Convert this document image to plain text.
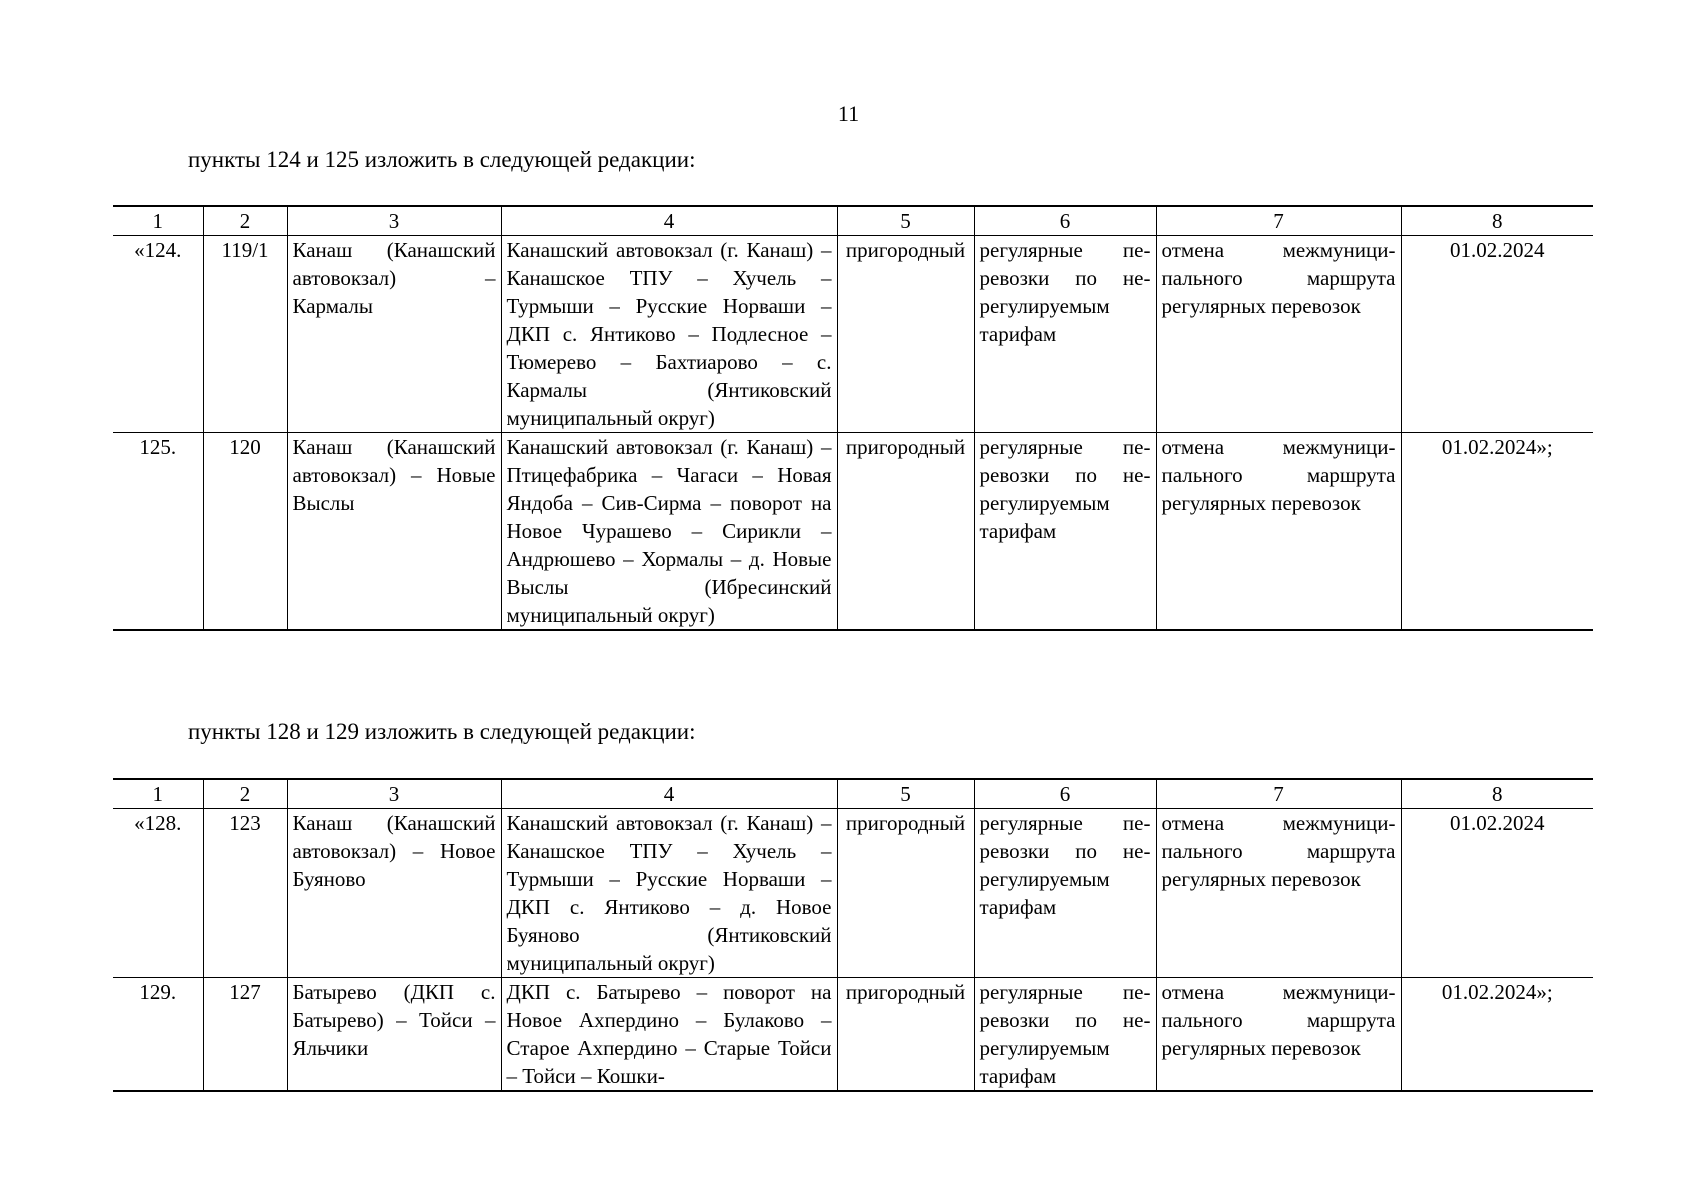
11
пункты 124 и 125 изложить в следующей редакции:
1	2	3	4	5	6	7	8
«124.	119/1	Канаш (Канашский автовокзал) – Кармалы	Канашский автовокзал (г. Канаш) – Канашское ТПУ – Хучель – Турмыши – Русские Норваши – ДКП с. Янтиково – Подлесное – Тюмерево – Бахтиарово – с. Кармалы (Янтиковский муниципальный округ)	пригородный	регулярные перевозки по нерегулируемым тарифам	отмена межмуниципального маршрута регулярных перевозок	01.02.2024
125.	120	Канаш (Канашский автовокзал) – Новые Выслы	Канашский автовокзал (г. Канаш) – Птицефабрика – Чагаси – Новая Яндоба – Сив-Сирма – поворот на Новое Чурашево – Сирикли – Андрюшево – Хормалы – д. Новые Выслы (Ибресинский муниципальный округ)	пригородный	регулярные перевозки по нерегулируемым тарифам	отмена межмуниципального маршрута регулярных перевозок	01.02.2024»;
пункты 128 и 129 изложить в следующей редакции:
1	2	3	4	5	6	7	8
«128.	123	Канаш (Канашский автовокзал) – Новое Буяново	Канашский автовокзал (г. Канаш) – Канашское ТПУ – Хучель – Турмыши – Русские Норваши – ДКП с. Янтиково – д. Новое Буяново (Янтиковский муниципальный округ)	пригородный	регулярные перевозки по нерегулируемым тарифам	отмена межмуниципального маршрута регулярных перевозок	01.02.2024
129.	127	Батырево (ДКП с. Батырево) – Тойси – Яльчики	ДКП с. Батырево – поворот на Новое Ахпердино – Булаково – Старое Ахпердино – Старые Тойси – Тойси – Кошки-	пригородный	регулярные перевозки по нерегулируемым тарифам	отмена межмуниципального маршрута регулярных перевозок	01.02.2024»;
